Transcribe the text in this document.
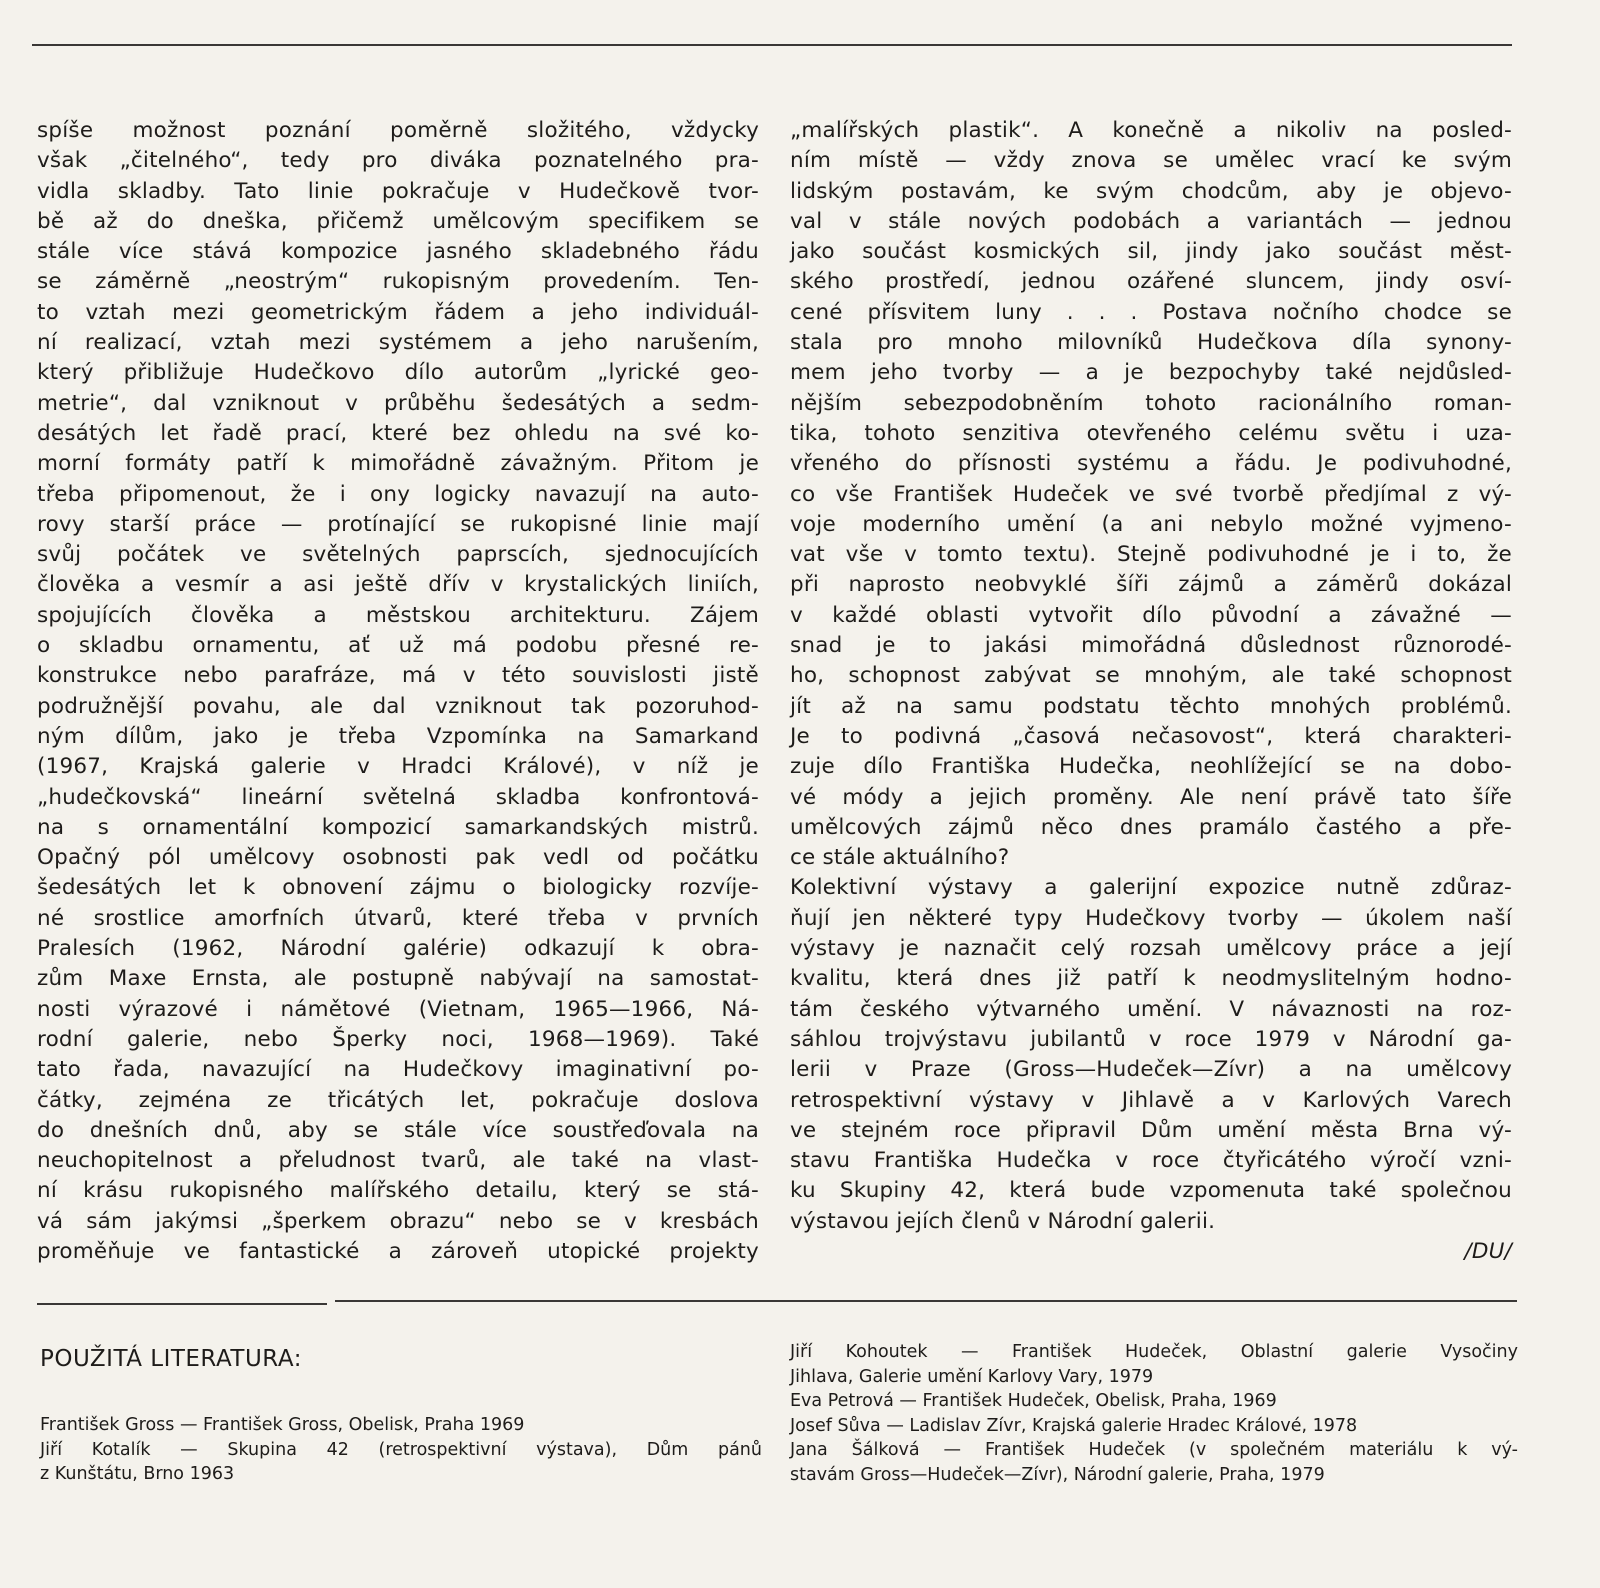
spíše možnost poznání poměrně složitého, vždycky
však „čitelného“, tedy pro diváka poznatelného pra-
vidla skladby. Tato linie pokračuje v Hudečkově tvor-
bě až do dneška, přičemž umělcovým specifikem se
stále více stává kompozice jasného skladebného řádu
se záměrně „neostrým“ rukopisným provedením. Ten-
to vztah mezi geometrickým řádem a jeho individuál-
ní realizací, vztah mezi systémem a jeho narušením,
který přibližuje Hudečkovo dílo autorům „lyrické geo-
metrie“, dal vzniknout v průběhu šedesátých a sedm-
desátých let řadě prací, které bez ohledu na své ko-
morní formáty patří k mimořádně závažným. Přitom je
třeba připomenout, že i ony logicky navazují na auto-
rovy starší práce — protínající se rukopisné linie mají
svůj počátek ve světelných paprscích, sjednocujících
člověka a vesmír a asi ještě dřív v krystalických liniích,
spojujících člověka a městskou architekturu. Zájem
o skladbu ornamentu, ať už má podobu přesné re-
konstrukce nebo parafráze, má v této souvislosti jistě
podružnější povahu, ale dal vzniknout tak pozoruhod-
ným dílům, jako je třeba Vzpomínka na Samarkand
(1967, Krajská galerie v Hradci Králové), v níž je
„hudečkovská“ lineární světelná skladba konfrontová-
na s ornamentální kompozicí samarkandských mistrů.
Opačný pól umělcovy osobnosti pak vedl od počátku
šedesátých let k obnovení zájmu o biologicky rozvíje-
né srostlice amorfních útvarů, které třeba v prvních
Pralesích (1962, Národní galérie) odkazují k obra-
zům Maxe Ernsta, ale postupně nabývají na samostat-
nosti výrazové i námětové (Vietnam, 1965—1966, Ná-
rodní galerie, nebo Šperky noci, 1968—1969). Také
tato řada, navazující na Hudečkovy imaginativní po-
čátky, zejména ze třicátých let, pokračuje doslova
do dnešních dnů, aby se stále více soustřeďovala na
neuchopitelnost a přeludnost tvarů, ale také na vlast-
ní krásu rukopisného malířského detailu, který se stá-
vá sám jakýmsi „šperkem obrazu“ nebo se v kresbách
proměňuje ve fantastické a zároveň utopické projekty
„malířských plastik“. A konečně a nikoliv na posled-
ním místě — vždy znova se umělec vrací ke svým
lidským postavám, ke svým chodcům, aby je objevo-
val v stále nových podobách a variantách — jednou
jako součást kosmických sil, jindy jako součást měst-
ského prostředí, jednou ozářené sluncem, jindy osví-
cené přísvitem luny . . . Postava nočního chodce se
stala pro mnoho milovníků Hudečkova díla synony-
mem jeho tvorby — a je bezpochyby také nejdůsled-
nějším sebezpodobněním tohoto racionálního roman-
tika, tohoto senzitiva otevřeného celému světu i uza-
vřeného do přísnosti systému a řádu. Je podivuhodné,
co vše František Hudeček ve své tvorbě předjímal z vý-
voje moderního umění (a ani nebylo možné vyjmeno-
vat vše v tomto textu). Stejně podivuhodné je i to, že
při naprosto neobvyklé šíři zájmů a záměrů dokázal
v každé oblasti vytvořit dílo původní a závažné —
snad je to jakási mimořádná důslednost různorodé-
ho, schopnost zabývat se mnohým, ale také schopnost
jít až na samu podstatu těchto mnohých problémů.
Je to podivná „časová nečasovost“, která charakteri-
zuje dílo Františka Hudečka, neohlížející se na dobo-
vé módy a jejich proměny. Ale není právě tato šíře
umělcových zájmů něco dnes pramálo častého a pře-
ce stále aktuálního?
Kolektivní výstavy a galerijní expozice nutně zdůraz-
ňují jen některé typy Hudečkovy tvorby — úkolem naší
výstavy je naznačit celý rozsah umělcovy práce a její
kvalitu, která dnes již patří k neodmyslitelným hodno-
tám českého výtvarného umění. V návaznosti na roz-
sáhlou trojvýstavu jubilantů v roce 1979 v Národní ga-
lerii v Praze (Gross—Hudeček—Zívr) a na umělcovy
retrospektivní výstavy v Jihlavě a v Karlových Varech
ve stejném roce připravil Dům umění města Brna vý-
stavu Františka Hudečka v roce čtyřicátého výročí vzni-
ku Skupiny 42, která bude vzpomenuta také společnou
výstavou jejích členů v Národní galerii.
/DU/
POUŽITÁ LITERATURA:
František Gross — František Gross, Obelisk, Praha 1969
Jiří Kotalík — Skupina 42 (retrospektivní výstava), Dům pánů
z Kunštátu, Brno 1963
Jiří Kohoutek — František Hudeček, Oblastní galerie Vysočiny
Jihlava, Galerie umění Karlovy Vary, 1979
Eva Petrová — František Hudeček, Obelisk, Praha, 1969
Josef Sůva — Ladislav Zívr, Krajská galerie Hradec Králové, 1978
Jana Šálková — František Hudeček (v společném materiálu k vý-
stavám Gross—Hudeček—Zívr), Národní galerie, Praha, 1979
